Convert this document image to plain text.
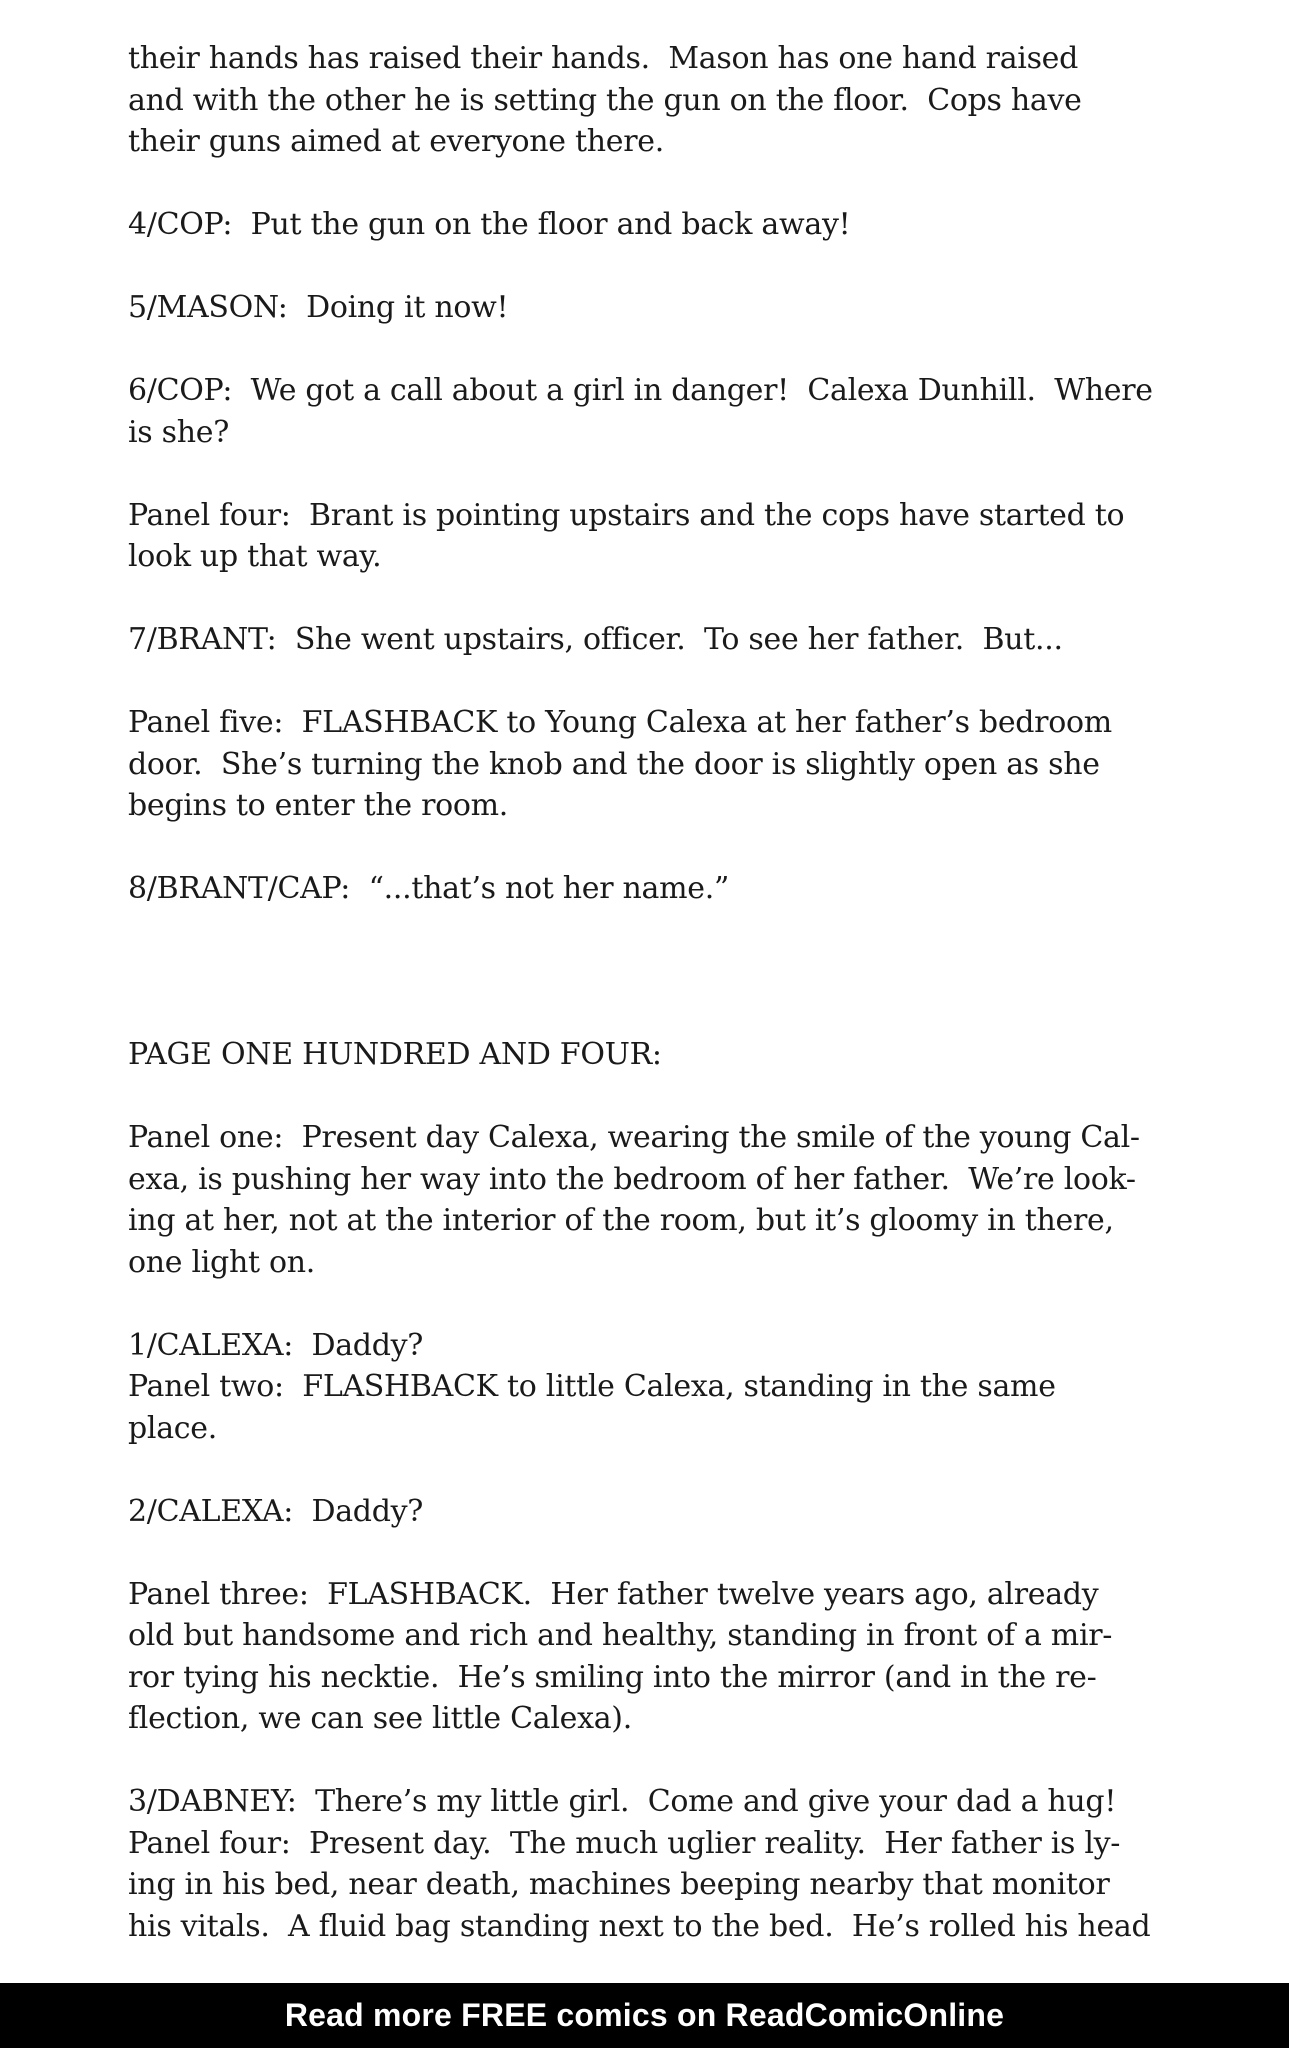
their hands has raised their hands.  Mason has one hand raised

and with the other he is setting the gun on the floor.  Cops have

their guns aimed at everyone there.

4/COP:  Put the gun on the floor and back away!

5/MASON:  Doing it now!

6/COP:  We got a call about a girl in danger!  Calexa Dunhill.  Where

is she?

Panel four:  Brant is pointing upstairs and the cops have started to

look up that way.

7/BRANT:  She went upstairs, officer.  To see her father.  But...

Panel five:  FLASHBACK to Young Calexa at her father’s bedroom

door.  She’s turning the knob and the door is slightly open as she

begins to enter the room.

8/BRANT/CAP:  “...that’s not her name.”

PAGE ONE HUNDRED AND FOUR:

Panel one:  Present day Calexa, wearing the smile of the young Cal-

exa, is pushing her way into the bedroom of her father.  We’re look-

ing at her, not at the interior of the room, but it’s gloomy in there,

one light on.

1/CALEXA:  Daddy?

Panel two:  FLASHBACK to little Calexa, standing in the same

place.

2/CALEXA:  Daddy?

Panel three:  FLASHBACK.  Her father twelve years ago, already

old but handsome and rich and healthy, standing in front of a mir-

ror tying his necktie.  He’s smiling into the mirror (and in the re-

flection, we can see little Calexa).

3/DABNEY:  There’s my little girl.  Come and give your dad a hug!

Panel four:  Present day.  The much uglier reality.  Her father is ly-

ing in his bed, near death, machines beeping nearby that monitor

his vitals.  A fluid bag standing next to the bed.  He’s rolled his head

Read more FREE comics on ReadComicOnline
